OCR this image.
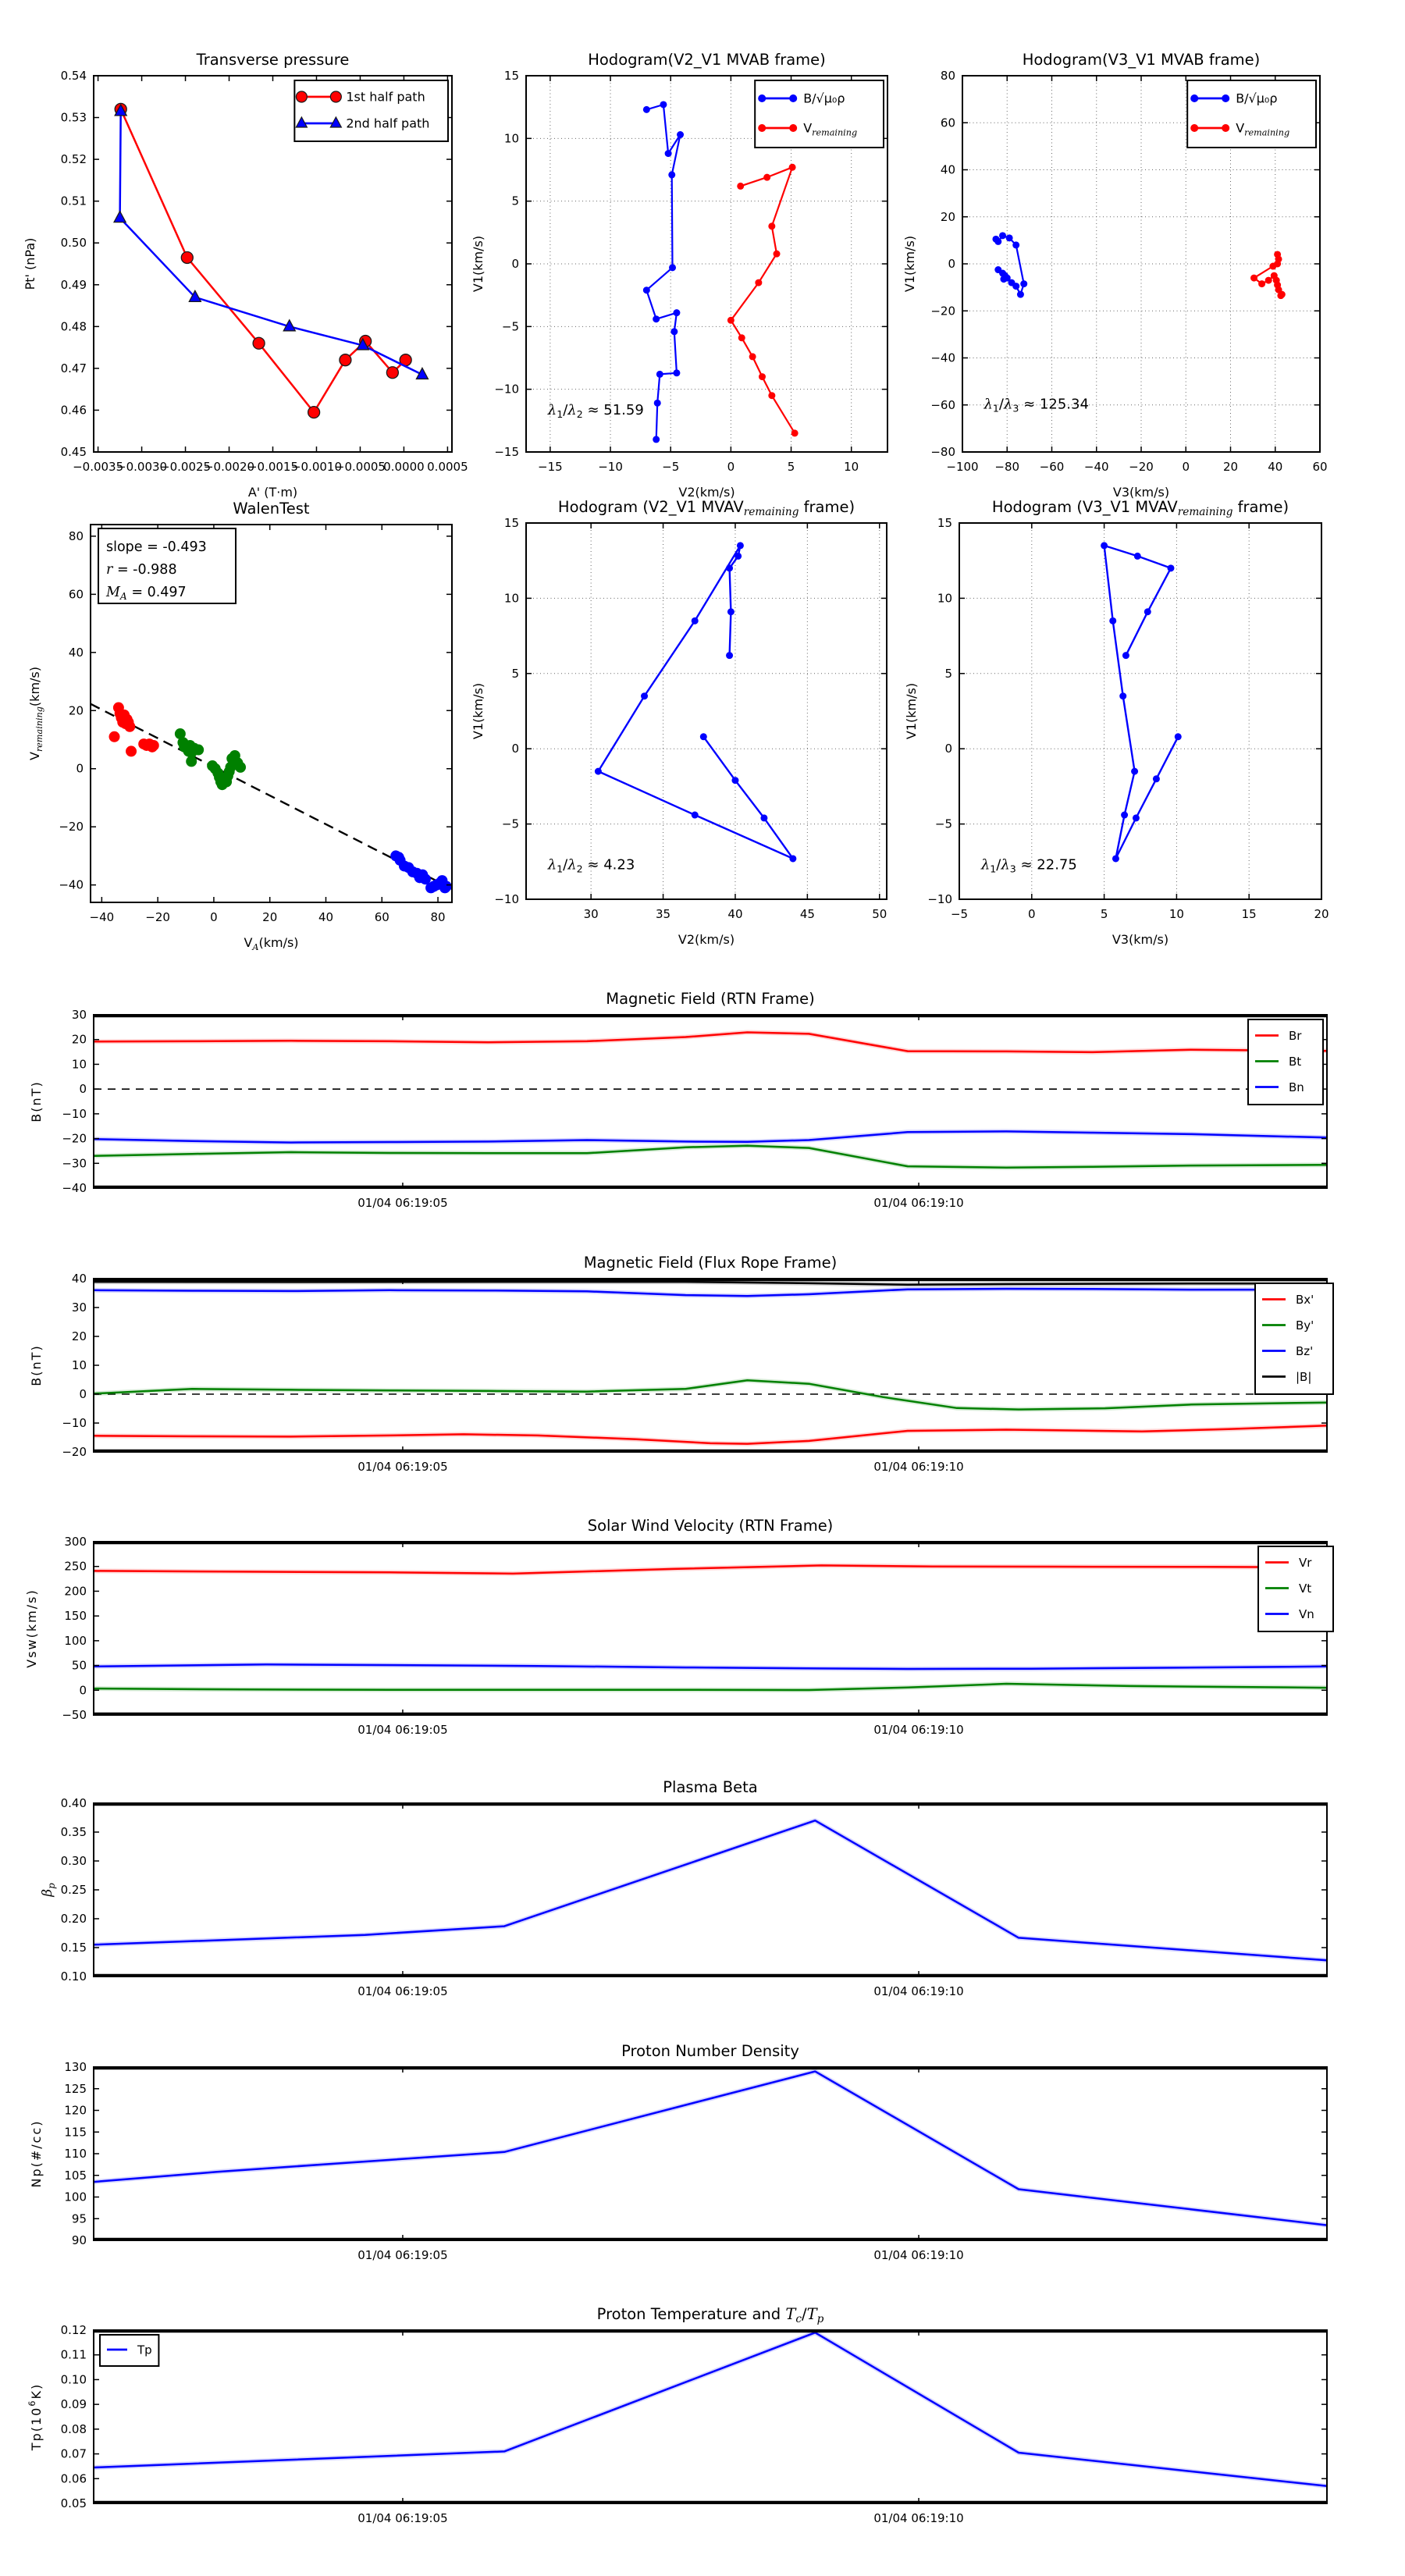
−0.0035
−0.0030
−0.0025
−0.0020
−0.0015
−0.0010
−0.0005
0.0000 0.0005
0.45
0.46
0.47
0.48
0.49
0.50
0.51
0.52
0.53
0.54
Transverse pressure
A' (T·m)
Pt' (nPa)
1st half path
2nd half path
−15	−10	−5	0	5	10
−15
−10
−5
0
5
10
15
Hodogram(V2_V1 MVAB frame)
V2(km/s)
V1(km/s)
$\lambda_1/\lambda_2 \approx 51.59$
B/√μ₀ρ
$V_{remaining}$
−100 −80 −60 −40 −20 0	20	40	60
−80
−60
−40
−20
0
20
40
60
80
Hodogram(V3_V1 MVAB frame)
V3(km/s)
V1(km/s)
$\lambda_1/\lambda_3 \approx 125.34$
B/√μ₀ρ
$V_{remaining}$
−40	−20	0	20	40	60	80
−40
−20
0
20
40
60
80
WalenTest
$V_A(km/s)$
$V_{remaining}(km/s)$
slope = -0.493
r = -0.988
$M_A = 0.497$
30	35	40	45	50
−10
−5
0
5
10
15
Hodogram (V2_V1 $MVAV_{remaining}$ frame)
V2(km/s)
V1(km/s)
$\lambda_1/\lambda_2 \approx 4.23$
−5	0	5	10	15	20
−10
−5
0
5
10
15
Hodogram (V3_V1 $MVAV_{remaining}$ frame)
V3(km/s)
V1(km/s)
$\lambda_1/\lambda_3 \approx 22.75$
01/04 06:19:05	01/04 06:19:10
−40
−30
−20
−10
0
10
20
30
Magnetic Field (RTN Frame)
B(nT)
Br
Bt
Bn
01/04 06:19:05	01/04 06:19:10
−20
−10
0
10
20
30
40
Magnetic Field (Flux Rope Frame)
B(nT)
Bx'
By'
Bz'
|B|
01/04 06:19:05	01/04 06:19:10
−50
0
50
100
150
200
250
300
Solar Wind Velocity (RTN Frame)
Vsw(km/s)
Vr
Vt
Vn
01/04 06:19:05	01/04 06:19:10
0.10
0.15
0.20
0.25
0.30
0.35
0.40
Plasma Beta
$\beta_p$
01/04 06:19:05	01/04 06:19:10
90
95
100
105
110
115
120
125
130
Proton Number Density
Np(#/cc)
01/04 06:19:05	01/04 06:19:10
0.05
0.06
0.07
0.08
0.09
0.10
0.11
0.12
Proton Temperature and $T_c/T_p$
$Tp(10^6K)$
Tp
